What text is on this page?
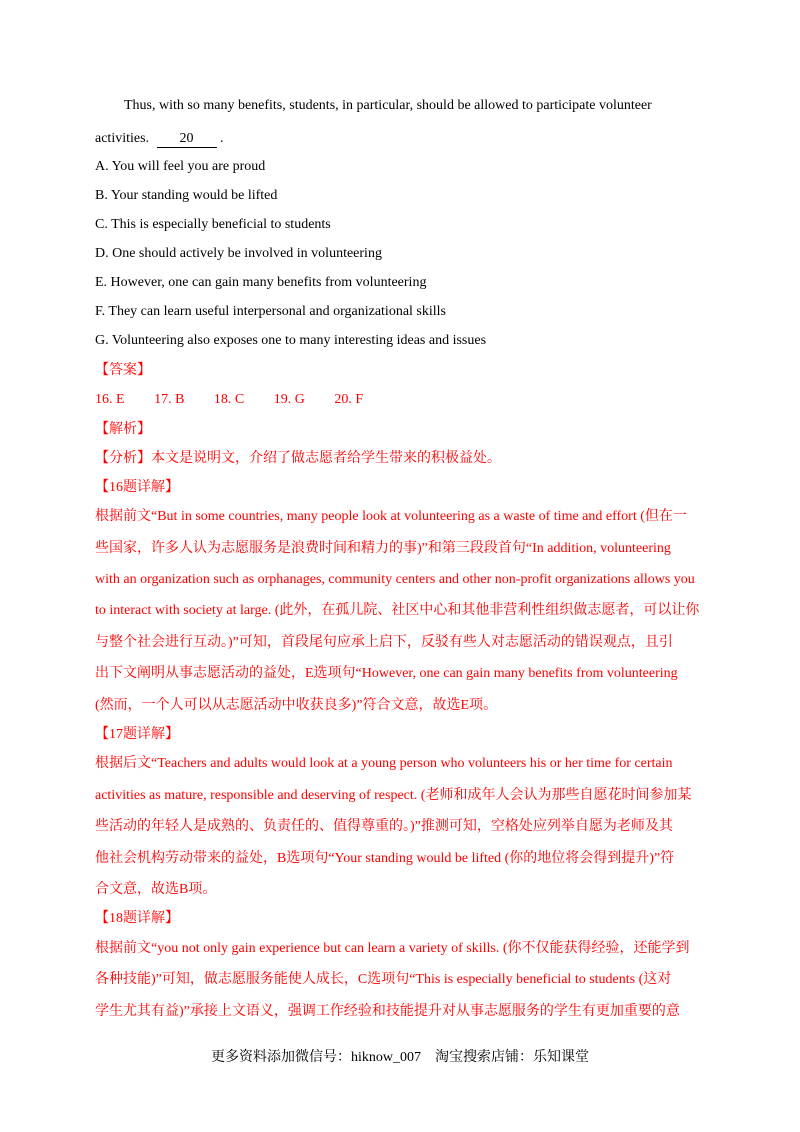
Thus, with so many benefits, students, in particular, should be allowed to participate volunteer
activities. 20 .
A. You will feel you are proud
B. Your standing would be lifted
C. This is especially beneficial to students
D. One should actively be involved in volunteering
E. However, one can gain many benefits from volunteering
F. They can learn useful interpersonal and organizational skills
G. Volunteering also exposes one to many interesting ideas and issues
【答案】
16. E 17. B 18. C 19. G 20. F
【解析】
【分析】本文是说明文，介绍了做志愿者给学生带来的积极益处。
【16题详解】
根据前文“But in some countries, many people look at volunteering as a waste of time and effort (但在一
些国家，许多人认为志愿服务是浪费时间和精力的事)”和第三段段首句“In addition, volunteering
with an organization such as orphanages, community centers and other non-profit organizations allows you
to interact with society at large. (此外，在孤儿院、社区中心和其他非营利性组织做志愿者，可以让你
与整个社会进行互动。)”可知，首段尾句应承上启下，反驳有些人对志愿活动的错误观点，且引
出下文阐明从事志愿活动的益处，E选项句“However, one can gain many benefits from volunteering
(然而，一个人可以从志愿活动中收获良多)”符合文意，故选E项。
【17题详解】
根据后文“Teachers and adults would look at a young person who volunteers his or her time for certain
activities as mature, responsible and deserving of respect. (老师和成年人会认为那些自愿花时间参加某
些活动的年轻人是成熟的、负责任的、值得尊重的。)”推测可知，空格处应列举自愿为老师及其
他社会机构劳动带来的益处，B选项句“Your standing would be lifted (你的地位将会得到提升)”符
合文意，故选B项。
【18题详解】
根据前文“you not only gain experience but can learn a variety of skills. (你不仅能获得经验，还能学到
各种技能)”可知，做志愿服务能使人成长，C选项句“This is especially beneficial to students (这对
学生尤其有益)”承接上文语义，强调工作经验和技能提升对从事志愿服务的学生有更加重要的意
更多资料添加微信号：hiknow_007　淘宝搜索店铺：乐知课堂
